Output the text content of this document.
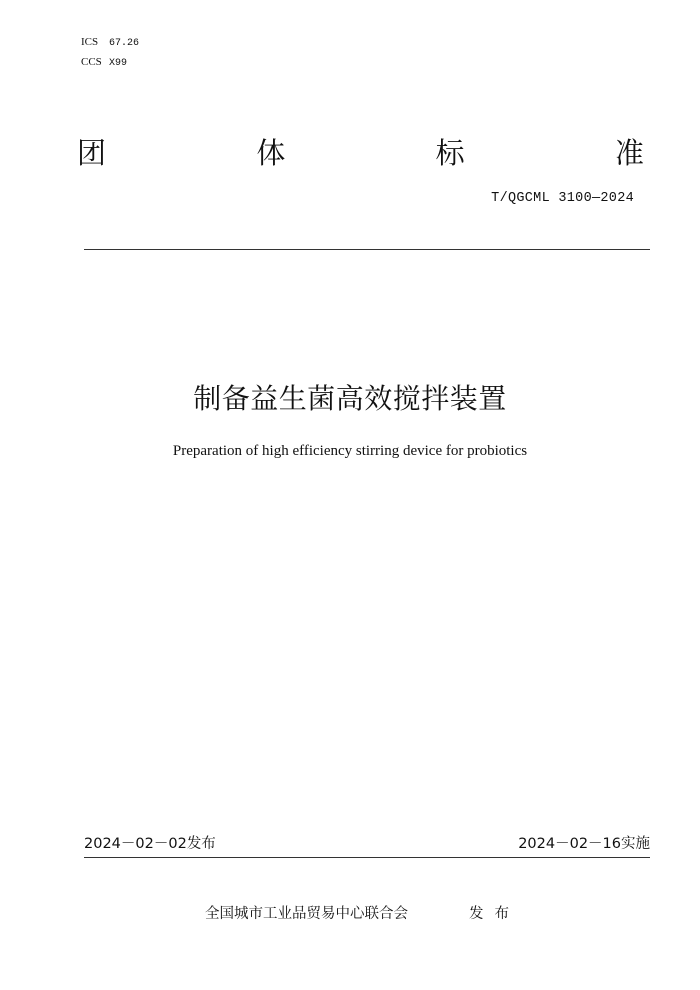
ICS	67.26
CCS X99
团	体	标	准
T/QGCML 3100—2024
制备益生菌高效搅拌装置
Preparation of high efficiency stirring device for probiotics
2024－02－02发布	2024－02－16实施
全国城市工业品贸易中心联合会	发布
